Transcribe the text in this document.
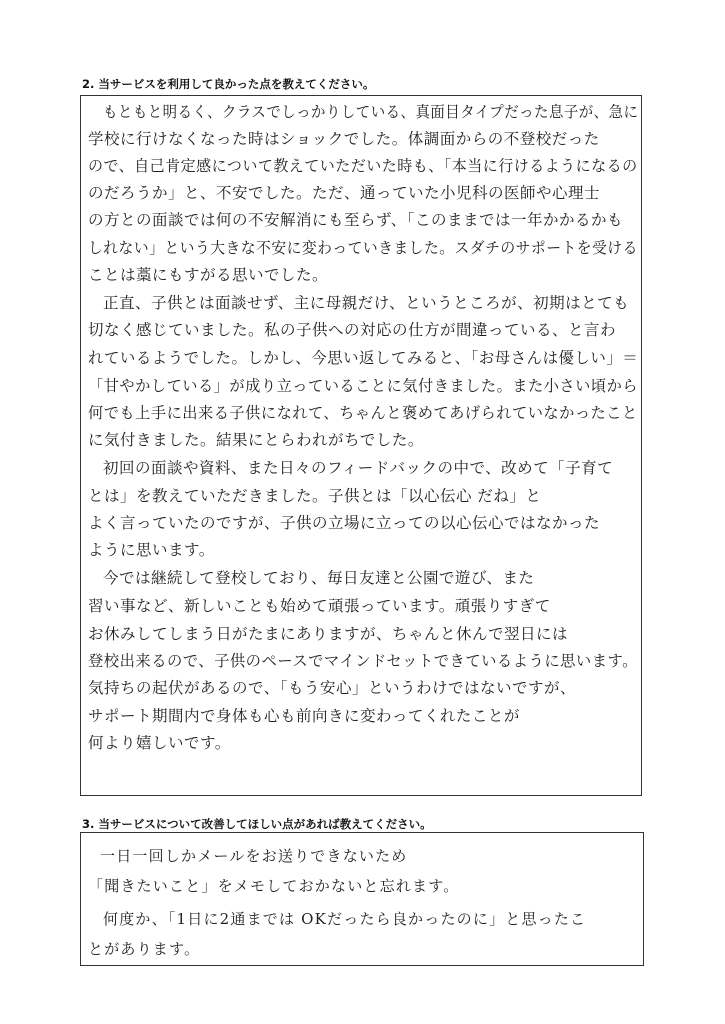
2. 当サービスを利用して良かった点を教えてください。
もともと明るく、クラスでしっかりしている、真面目タイプだった息子が、急に
学校に行けなくなった時はショックでした。体調面からの不登校だった
ので、自己肯定感について教えていただいた時も、「本当に行けるようになるの
のだろうか」と、不安でした。ただ、通っていた小児科の医師や心理士
の方との面談では何の不安解消にも至らず、「このままでは一年かかるかも
しれない」という大きな不安に変わっていきました。スダチのサポートを受ける
ことは藁にもすがる思いでした。
正直、子供とは面談せず、主に母親だけ、というところが、初期はとても
切なく感じていました。私の子供への対応の仕方が間違っている、と言わ
れているようでした。しかし、今思い返してみると、「お母さんは優しい」＝
「甘やかしている」が成り立っていることに気付きました。また小さい頃から
何でも上手に出来る子供になれて、ちゃんと褒めてあげられていなかったこと
に気付きました。結果にとらわれがちでした。
初回の面談や資料、また日々のフィードバックの中で、改めて「子育て
とは」を教えていただきました。子供とは「以心伝心 だね」と
よく言っていたのですが、子供の立場に立っての以心伝心ではなかった
ように思います。
今では継続して登校しており、毎日友達と公園で遊び、また
習い事など、新しいことも始めて頑張っています。頑張りすぎて
お休みしてしまう日がたまにありますが、ちゃんと休んで翌日には
登校出来るので、子供のペースでマインドセットできているように思います。
気持ちの起伏があるので、「もう安心」というわけではないですが、
サポート期間内で身体も心も前向きに変わってくれたことが
何より嬉しいです。
3. 当サービスについて改善してほしい点があれば教えてください。
一日一回しかメールをお送りできないため
「聞きたいこと」をメモしておかないと忘れます。
何度か、「1日に2通までは OKだったら良かったのに」と思ったこ
とがあります。
